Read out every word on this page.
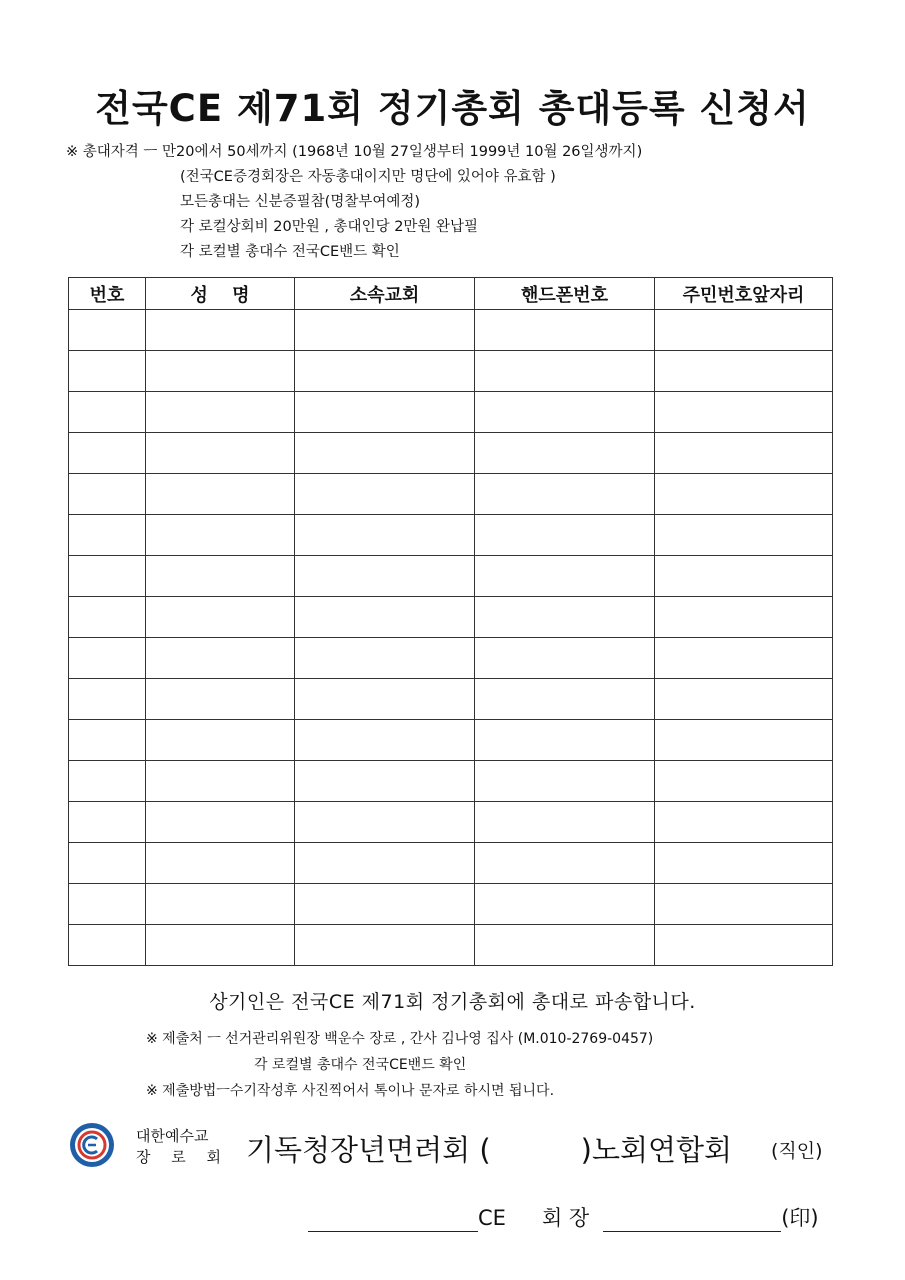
전국CE 제71회 정기총회 총대등록 신청서
※ 총대자격 ㅡ 만20에서 50세까지 (1968년 10월 27일생부터 1999년 10월 26일생까지)
(전국CE증경회장은 자동총대이지만 명단에 있어야 유효함 )
모든총대는 신분증필참(명찰부여예정)
각 로컬상회비 20만원 , 총대인당 2만원 완납필
각 로컬별 총대수 전국CE밴드 확인
번호	성　 명	소속교회	핸드폰번호	주민번호앞자리

상기인은 전국CE 제71회 정기총회에 총대로 파송합니다.
※ 제출처 ㅡ 선거관리위원장 백운수 장로 , 간사 김나영 집사 (M.010-2769-0457)
각 로컬별 총대수 전국CE밴드 확인
※ 제출방법ㅡ수기작성후 사진찍어서 톡이나 문자로 하시면 됩니다.
대한예수교
장 로 회 기독청장년면려회 (	)노회연합회 (직인)
CE 회 장	(印)
